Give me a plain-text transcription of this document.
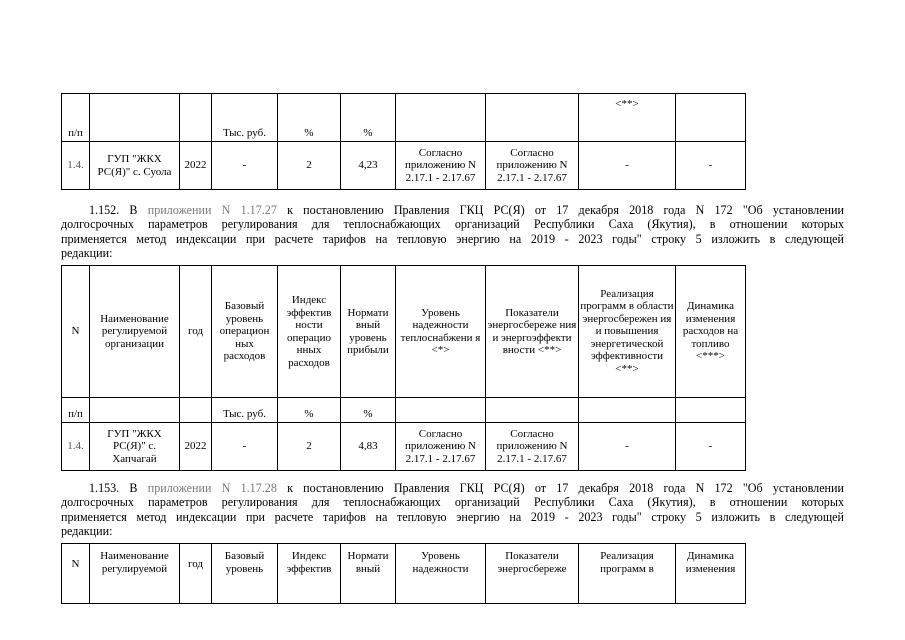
п/п			Тыс. руб.	%	%			<**>	
1.4.	ГУП "ЖКХ РС(Я)" с. Суола	2022	-	2	4,23	Согласно приложению N 2.17.1 - 2.17.67	Согласно приложению N 2.17.1 - 2.17.67	-	-
1.152. В приложении N 1.17.27 к постановлению Правления ГКЦ РС(Я) от 17 декабря 2018 года N 172 "Об установлении
долгосрочных параметров регулирования для теплоснабжающих организаций Республики Саха (Якутия), в отношении которых
применяется метод индексации при расчете тарифов на тепловую энергию на 2019 - 2023 годы" строку 5 изложить в следующей
редакции:
N	Наименование регулируемой организации	год	Базовый уровень операцион ных расходов	Индекс эффектив ности операцио нных расходов	Нормати вный уровень прибыли	Уровень надежности теплоснабжени я <*>	Показатели энергосбереже ния и энергоэффекти вности <**>	Реализация программ в области энергосбережен ия и повышения энергетической эффективности <**>	Динамика изменения расходов на топливо <***>
п/п			Тыс. руб.	%	%				
1.4.	ГУП "ЖКХ РС(Я)" с. Хапчагай	2022	-	2	4,83	Согласно приложению N 2.17.1 - 2.17.67	Согласно приложению N 2.17.1 - 2.17.67	-	-
1.153. В приложении N 1.17.28 к постановлению Правления ГКЦ РС(Я) от 17 декабря 2018 года N 172 "Об установлении
долгосрочных параметров регулирования для теплоснабжающих организаций Республики Саха (Якутия), в отношении которых
применяется метод индексации при расчете тарифов на тепловую энергию на 2019 - 2023 годы" строку 5 изложить в следующей
редакции:
N	Наименование регулируемой	год	Базовый уровень	Индекс эффектив	Нормати вный	Уровень надежности	Показатели энергосбереже	Реализация программ в	Динамика изменения
